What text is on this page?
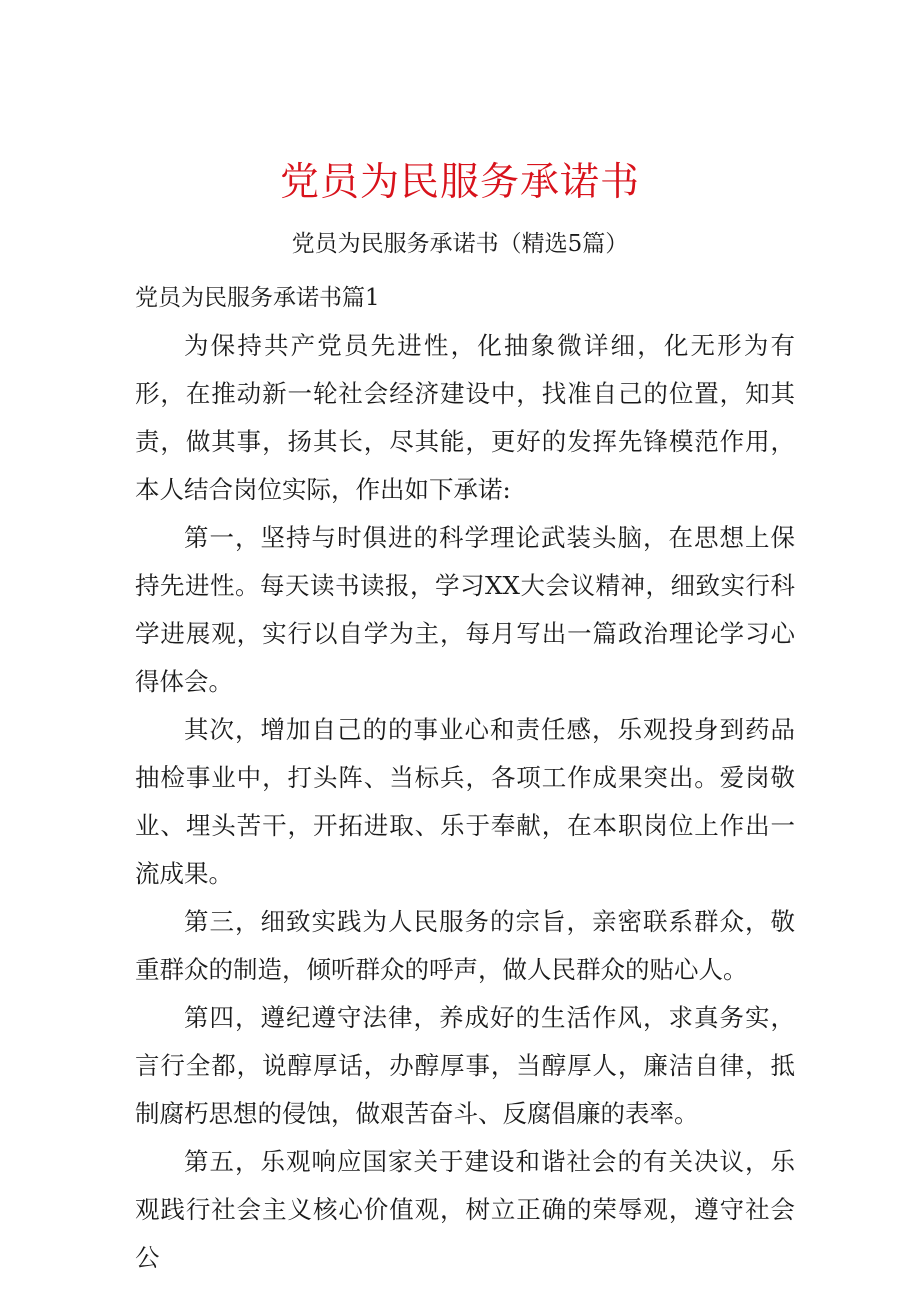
党员为民服务承诺书
党员为民服务承诺书（精选5篇）
党员为民服务承诺书篇1

为保持共产党员先进性，化抽象微详细，化无形为有形，在推动新一轮社会经济建设中，找准自己的位置，知其责，做其事，扬其长，尽其能，更好的发挥先锋模范作用，本人结合岗位实际，作出如下承诺:

第一，坚持与时俱进的科学理论武装头脑，在思想上保持先进性。每天读书读报，学习XX大会议精神，细致实行科学进展观，实行以自学为主，每月写出一篇政治理论学习心得体会。

其次，增加自己的的事业心和责任感，乐观投身到药品抽检事业中，打头阵、当标兵，各项工作成果突出。爱岗敬业、埋头苦干，开拓进取、乐于奉献，在本职岗位上作出一流成果。

第三，细致实践为人民服务的宗旨，亲密联系群众，敬重群众的制造，倾听群众的呼声，做人民群众的贴心人。

第四，遵纪遵守法律，养成好的生活作风，求真务实，言行全都，说醇厚话，办醇厚事，当醇厚人，廉洁自律，抵制腐朽思想的侵蚀，做艰苦奋斗、反腐倡廉的表率。

第五，乐观响应国家关于建设和谐社会的有关决议，乐观践行社会主义核心价值观，树立正确的荣辱观，遵守社会公
